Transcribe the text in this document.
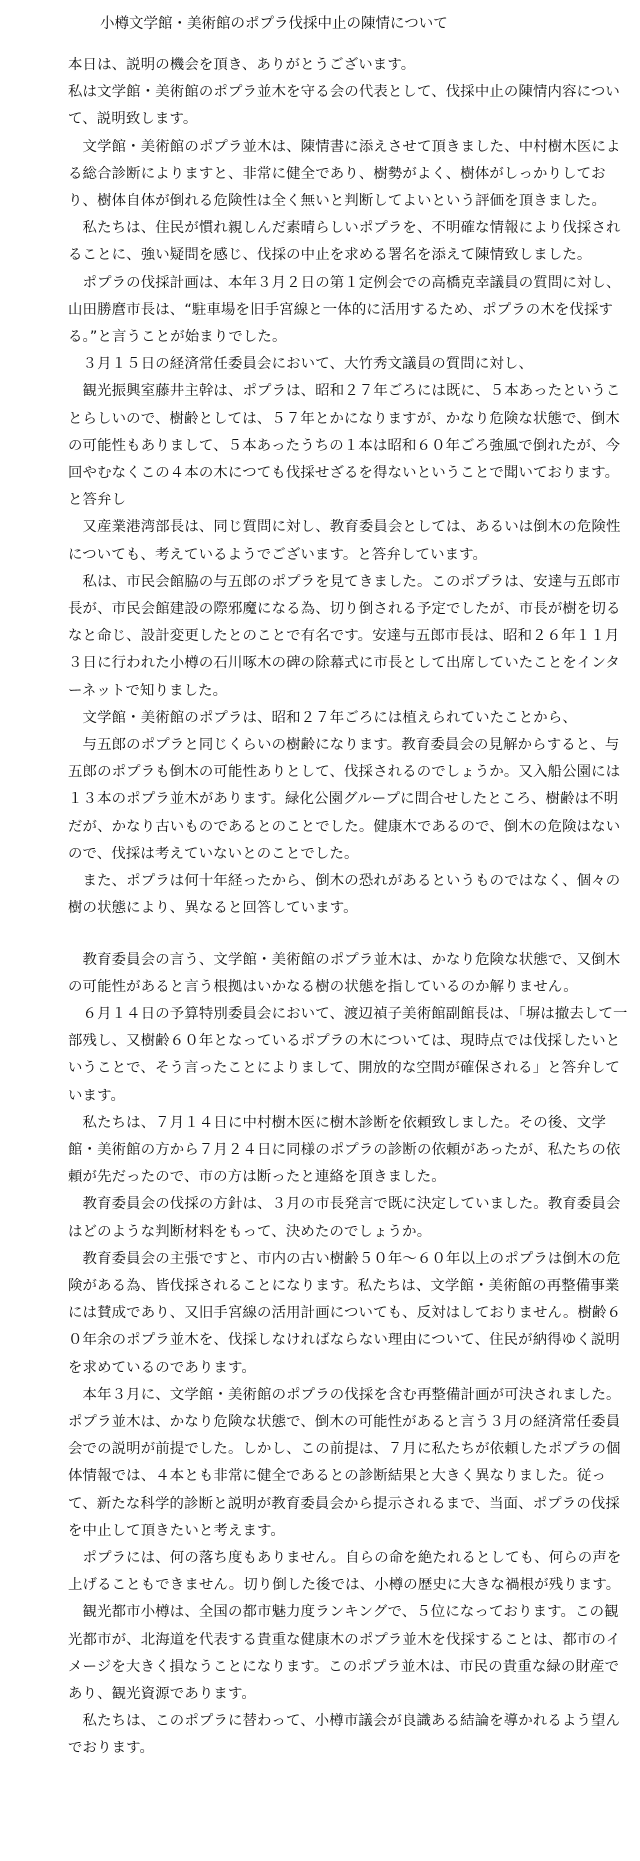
小樽文学館・美術館のポプラ伐採中止の陳情について

本日は、説明の機会を頂き、ありがとうございます。

私は文学館・美術館のポプラ並木を守る会の代表として、伐採中止の陳情内容について、説明致します。

　文学館・美術館のポプラ並木は、陳情書に添えさせて頂きました、中村樹木医による総合診断によりますと、非常に健全であり、樹勢がよく、樹体がしっかりしており、樹体自体が倒れる危険性は全く無いと判断してよいという評価を頂きました。

　私たちは、住民が慣れ親しんだ素晴らしいポプラを、不明確な情報により伐採されることに、強い疑問を感じ、伐採の中止を求める署名を添えて陳情致しました。

　ポプラの伐採計画は、本年３月２日の第１定例会での高橋克幸議員の質問に対し、山田勝麿市長は、“駐車場を旧手宮線と一体的に活用するため、ポプラの木を伐採する。”と言うことが始まりでした。

　３月１５日の経済常任委員会において、大竹秀文議員の質問に対し、

　観光振興室藤井主幹は、ポプラは、昭和２７年ごろには既に、５本あったということらしいので、樹齢としては、５７年とかになりますが、かなり危険な状態で、倒木の可能性もありまして、５本あったうちの１本は昭和６０年ごろ強風で倒れたが、今回やむなくこの４本の木につても伐採せざるを得ないということで聞いております。と答弁し

　又産業港湾部長は、同じ質問に対し、教育委員会としては、あるいは倒木の危険性についても、考えているようでございます。と答弁しています。

　私は、市民会館脇の与五郎のポプラを見てきました。このポプラは、安達与五郎市長が、市民会館建設の際邪魔になる為、切り倒される予定でしたが、市長が樹を切るなと命じ、設計変更したとのことで有名です。安達与五郎市長は、昭和２６年１１月３日に行われた小樽の石川啄木の碑の除幕式に市長として出席していたことをインターネットで知りました。

　文学館・美術館のポプラは、昭和２７年ごろには植えられていたことから、

　与五郎のポプラと同じくらいの樹齢になります。教育委員会の見解からすると、与五郎のポプラも倒木の可能性ありとして、伐採されるのでしょうか。又入船公園には１３本のポプラ並木があります。緑化公園グループに問合せしたところ、樹齢は不明だが、かなり古いものであるとのことでした。健康木であるので、倒木の危険はないので、伐採は考えていないとのことでした。

　また、ポプラは何十年経ったから、倒木の恐れがあるというものではなく、個々の樹の状態により、異なると回答しています。

　教育委員会の言う、文学館・美術館のポプラ並木は、かなり危険な状態で、又倒木の可能性があると言う根拠はいかなる樹の状態を指しているのか解りません。

　６月１４日の予算特別委員会において、渡辺禎子美術館副館長は、「塀は撤去して一部残し、又樹齢６０年となっているポプラの木については、現時点では伐採したいということで、そう言ったことによりまして、開放的な空間が確保される」と答弁しています。

　私たちは、７月１４日に中村樹木医に樹木診断を依頼致しました。その後、文学館・美術館の方から７月２４日に同様のポプラの診断の依頼があったが、私たちの依頼が先だったので、市の方は断ったと連絡を頂きました。

　教育委員会の伐採の方針は、３月の市長発言で既に決定していました。教育委員会はどのような判断材料をもって、決めたのでしょうか。

　教育委員会の主張ですと、市内の古い樹齢５０年～６０年以上のポプラは倒木の危険がある為、皆伐採されることになります。私たちは、文学館・美術館の再整備事業には賛成であり、又旧手宮線の活用計画についても、反対はしておりません。樹齢６０年余のポプラ並木を、伐採しなければならない理由について、住民が納得ゆく説明を求めているのであります。

　本年３月に、文学館・美術館のポプラの伐採を含む再整備計画が可決されました。ポプラ並木は、かなり危険な状態で、倒木の可能性があると言う３月の経済常任委員会での説明が前提でした。しかし、この前提は、７月に私たちが依頼したポプラの個体情報では、４本とも非常に健全であるとの診断結果と大きく異なりました。従って、新たな科学的診断と説明が教育委員会から提示されるまで、当面、ポプラの伐採を中止して頂きたいと考えます。

　ポプラには、何の落ち度もありません。自らの命を絶たれるとしても、何らの声を上げることもできません。切り倒した後では、小樽の歴史に大きな禍根が残ります。

　観光都市小樽は、全国の都市魅力度ランキングで、５位になっております。この観光都市が、北海道を代表する貴重な健康木のポプラ並木を伐採することは、都市のイメージを大きく損なうことになります。このポプラ並木は、市民の貴重な緑の財産であり、観光資源であります。

　私たちは、このポプラに替わって、小樽市議会が良識ある結論を導かれるよう望んでおります。
